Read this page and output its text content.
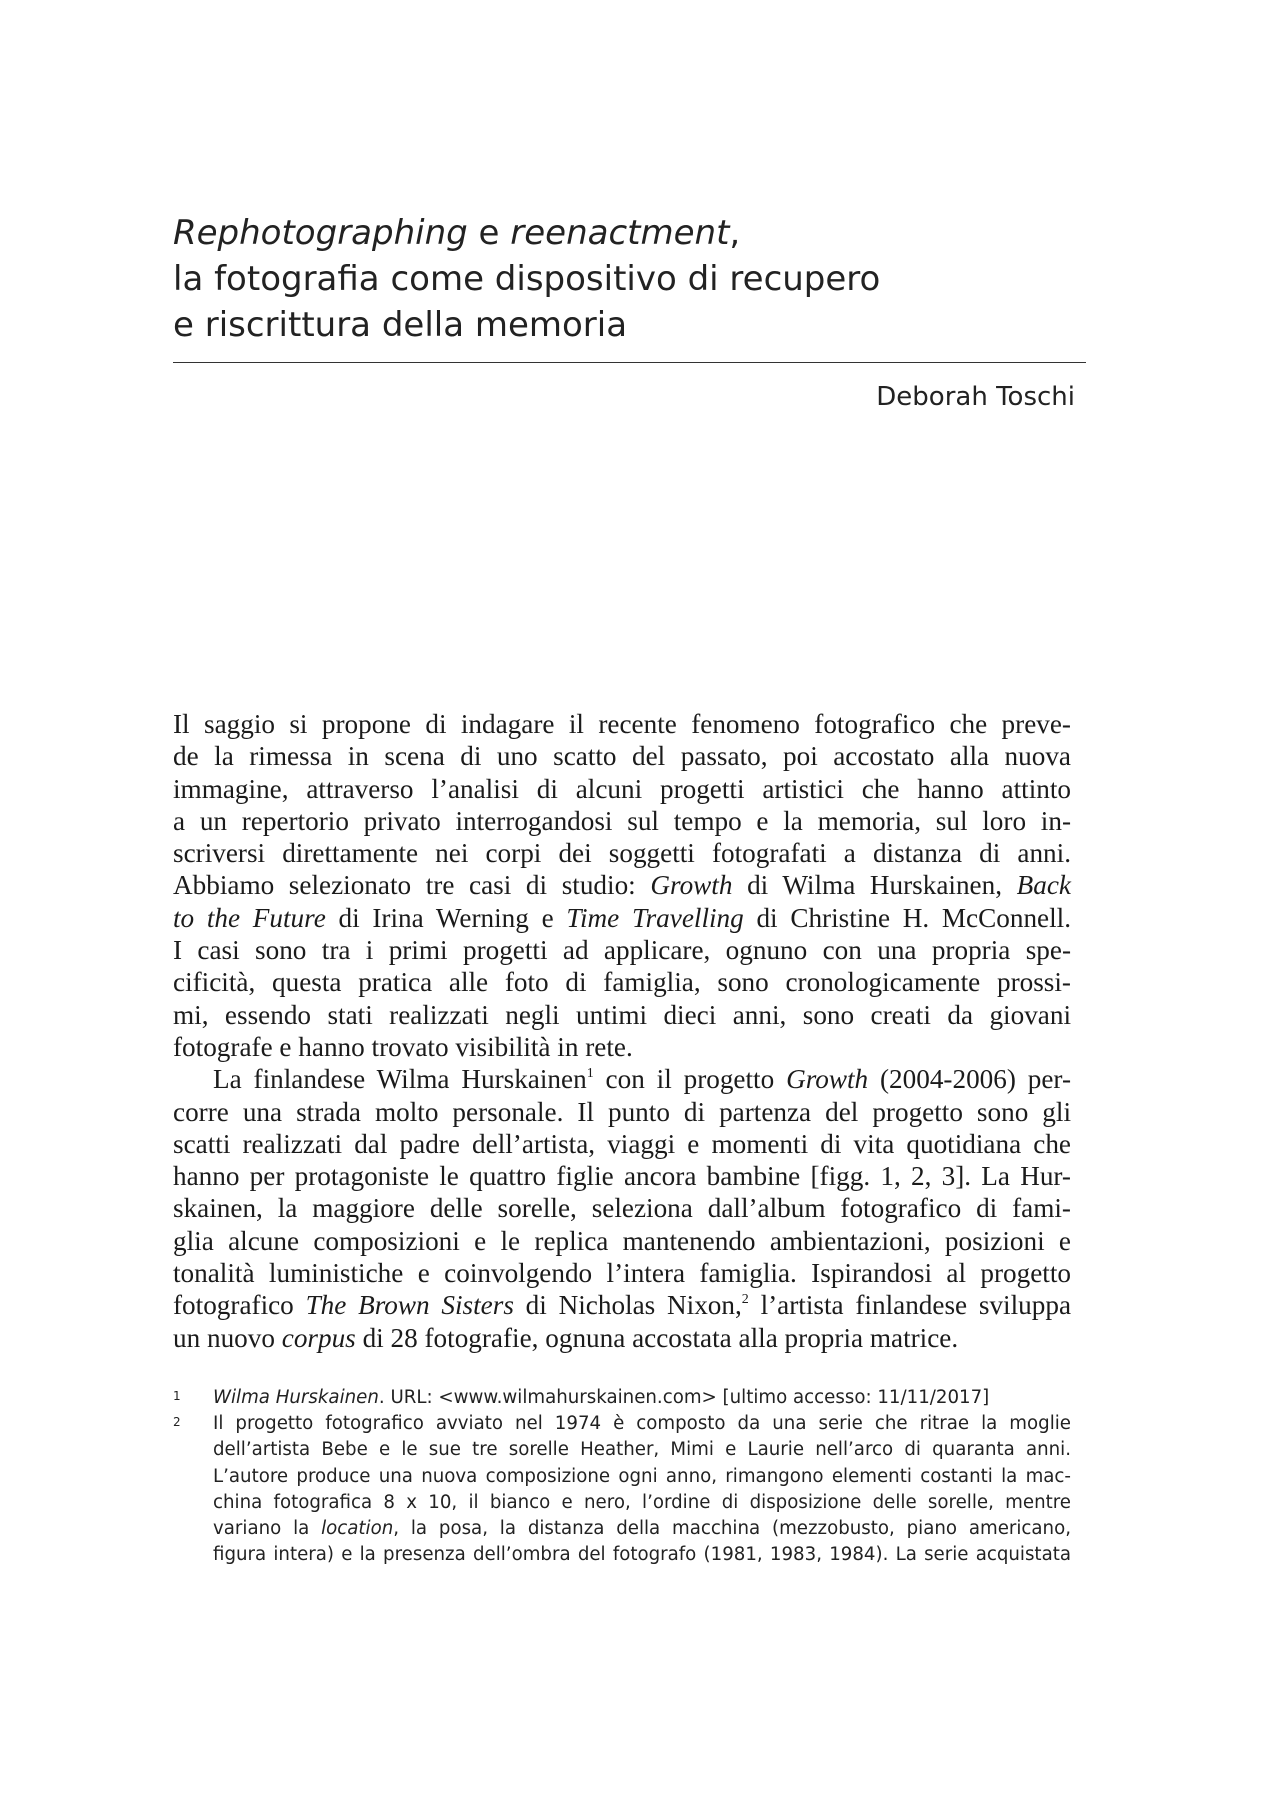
Rephotographing e reenactment,
la fotografia come dispositivo di recupero
e riscrittura della memoria
Deborah Toschi
Il saggio si propone di indagare il recente fenomeno fotografico che preve-
de la rimessa in scena di uno scatto del passato, poi accostato alla nuova
immagine, attraverso l’analisi di alcuni progetti artistici che hanno attinto
a un repertorio privato interrogandosi sul tempo e la memoria, sul loro in-
scriversi direttamente nei corpi dei soggetti fotografati a distanza di anni.
Abbiamo selezionato tre casi di studio: Growth di Wilma Hurskainen, Back
to the Future di Irina Werning e Time Travelling di Christine H. McConnell.
I casi sono tra i primi progetti ad applicare, ognuno con una propria spe-
cificità, questa pratica alle foto di famiglia, sono cronologicamente prossi-
mi, essendo stati realizzati negli untimi dieci anni, sono creati da giovani
fotografe e hanno trovato visibilità in rete.
La finlandese Wilma Hurskainen$^1$ con il progetto Growth (2004-2006) per-
corre una strada molto personale. Il punto di partenza del progetto sono gli
scatti realizzati dal padre dell’artista, viaggi e momenti di vita quotidiana che
hanno per protagoniste le quattro figlie ancora bambine [figg. 1, 2, 3]. La Hur-
skainen, la maggiore delle sorelle, seleziona dall’album fotografico di fami-
glia alcune composizioni e le replica mantenendo ambientazioni, posizioni e
tonalità luministiche e coinvolgendo l’intera famiglia. Ispirandosi al progetto
fotografico The Brown Sisters di Nicholas Nixon,$^2$ l’artista finlandese sviluppa
un nuovo corpus di 28 fotografie, ognuna accostata alla propria matrice.
1 Wilma Hurskainen. URL: <www.wilmahurskainen.com> [ultimo accesso: 11/11/2017]
2 Il progetto fotografico avviato nel 1974 è composto da una serie che ritrae la moglie
dell’artista Bebe e le sue tre sorelle Heather, Mimi e Laurie nell’arco di quaranta anni.
L’autore produce una nuova composizione ogni anno, rimangono elementi costanti la mac-
china fotografica 8 x 10, il bianco e nero, l’ordine di disposizione delle sorelle, mentre
variano la location, la posa, la distanza della macchina (mezzobusto, piano americano,
figura intera) e la presenza dell’ombra del fotografo (1981, 1983, 1984). La serie acquistata
